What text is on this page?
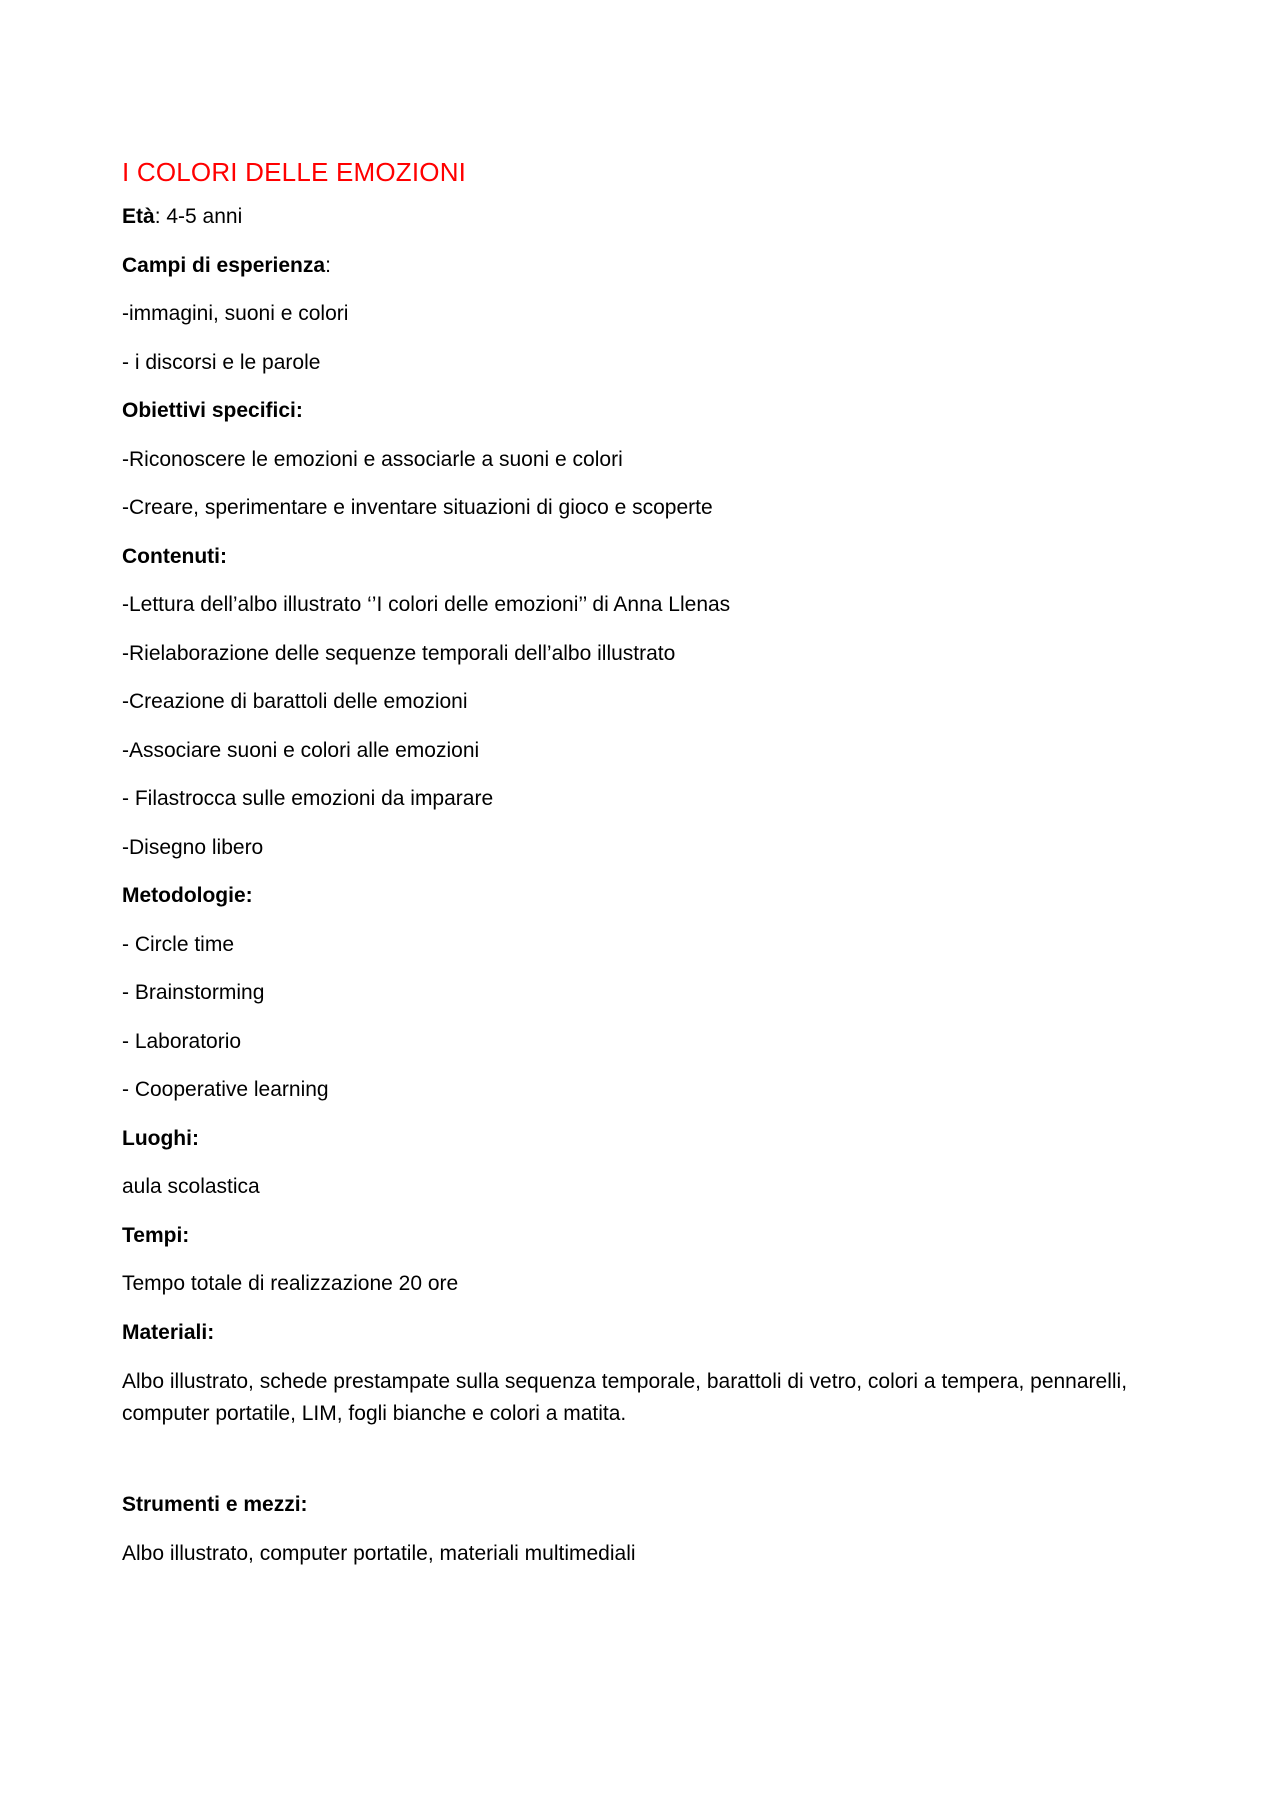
I COLORI DELLE EMOZIONI
Età: 4-5 anni
Campi di esperienza:
-immagini, suoni e colori
- i discorsi e le parole
Obiettivi specifici:
-Riconoscere le emozioni e associarle a suoni e colori
-Creare, sperimentare e inventare situazioni di gioco e scoperte
Contenuti:
-Lettura dell’albo illustrato ‘’I colori delle emozioni’’ di Anna Llenas
-Rielaborazione delle sequenze temporali dell’albo illustrato
-Creazione di barattoli delle emozioni
-Associare suoni e colori alle emozioni
- Filastrocca sulle emozioni da imparare
-Disegno libero
Metodologie:
- Circle time
- Brainstorming
- Laboratorio
- Cooperative learning
Luoghi:
aula scolastica
Tempi:
Tempo totale di realizzazione 20 ore
Materiali:
Albo illustrato, schede prestampate sulla sequenza temporale, barattoli di vetro, colori a tempera, pennarelli, computer portatile, LIM, fogli bianche e colori a matita.
Strumenti e mezzi:
Albo illustrato, computer portatile, materiali multimediali
